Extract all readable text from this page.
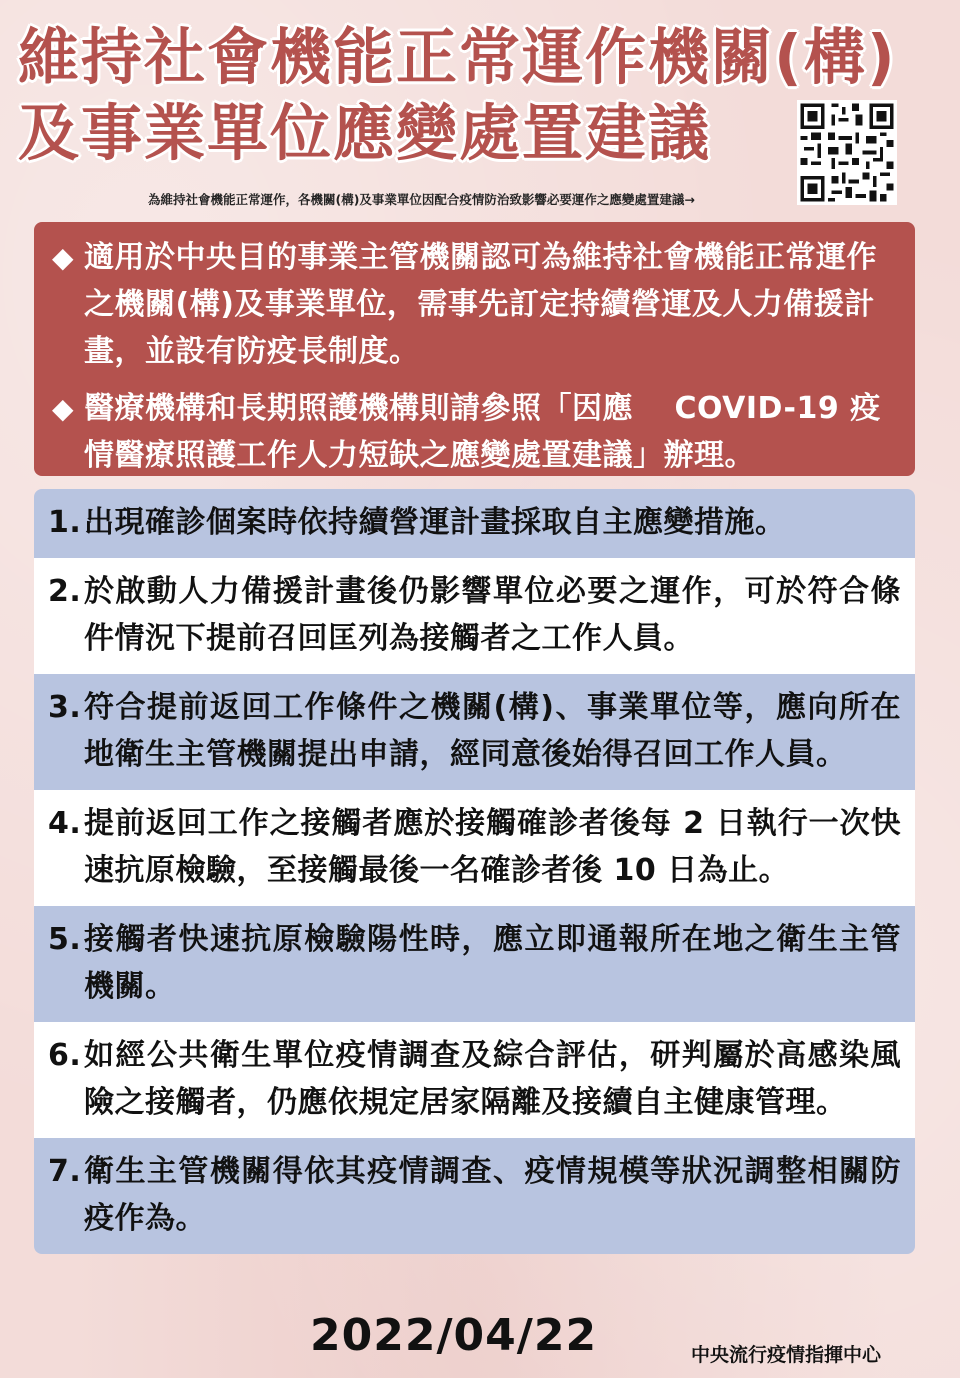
維持社會機能正常運作機關(構)
及事業單位應變處置建議
為維持社會機能正常運作，各機關(構)及事業單位因配合疫情防治致影響必要運作之應變處置建議→
◆ 適用於中央目的事業主管機關認可為維持社會機能正常運作之機關(構)及事業單位，需事先訂定持續營運及人力備援計畫，並設有防疫長制度。
◆ 醫療機構和長期照護機構則請參照「因應　 COVID-19 疫情醫療照護工作人力短缺之應變處置建議」辦理。
1. 出現確診個案時依持續營運計畫採取自主應變措施。
2. 於啟動人力備援計畫後仍影響單位必要之運作，可於符合條件情況下提前召回匡列為接觸者之工作人員。
3. 符合提前返回工作條件之機關(構)、事業單位等，應向所在地衛生主管機關提出申請，經同意後始得召回工作人員。
4. 提前返回工作之接觸者應於接觸確診者後每 2 日執行一次快速抗原檢驗，至接觸最後一名確診者後 10 日為止。
5. 接觸者快速抗原檢驗陽性時，應立即通報所在地之衛生主管機關。
6. 如經公共衛生單位疫情調查及綜合評估，研判屬於高感染風險之接觸者，仍應依規定居家隔離及接續自主健康管理。
7. 衛生主管機關得依其疫情調查、疫情規模等狀況調整相關防疫作為。
2022/04/22	中央流行疫情指揮中心
